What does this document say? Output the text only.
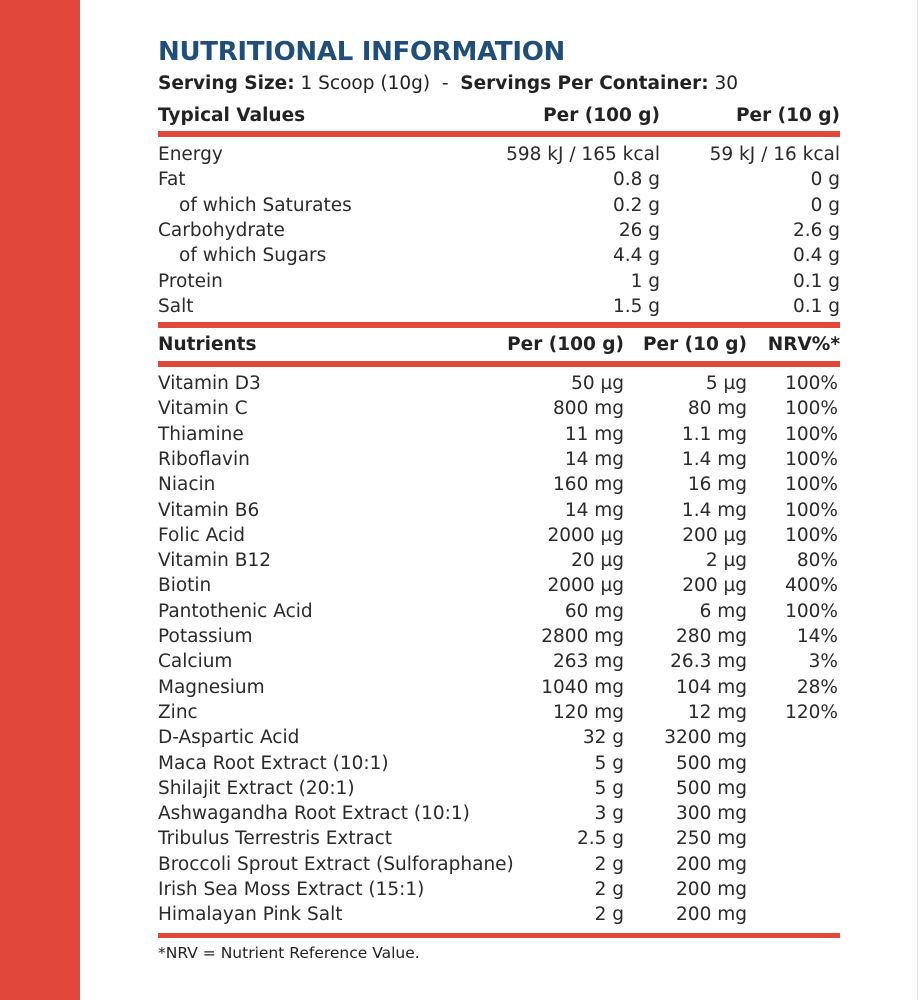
NUTRITIONAL INFORMATION
Serving Size: 1 Scoop (10g) - Servings Per Container: 30
Typical Values	Per (100 g)	Per (10 g)
Energy	598 kJ / 165 kcal	59 kJ / 16 kcal
Fat	0.8 g	0 g
of which Saturates	0.2 g	0 g
Carbohydrate	26 g	2.6 g
of which Sugars	4.4 g	0.4 g
Protein	1 g	0.1 g
Salt	1.5 g	0.1 g
Nutrients	Per (100 g) Per (10 g) NRV%*
Vitamin D3	50 µg	5 µg 100%
Vitamin C	800 mg	80 mg 100%
Thiamine	11 mg	1.1 mg 100%
Riboflavin	14 mg	1.4 mg 100%
Niacin	160 mg	16 mg 100%
Vitamin B6	14 mg	1.4 mg 100%
Folic Acid	2000 µg	200 µg 100%
Vitamin B12	20 µg	2 µg	80%
Biotin	2000 µg	200 µg 400%
Pantothenic Acid	60 mg	6 mg 100%
Potassium	2800 mg	280 mg	14%
Calcium	263 mg 26.3 mg	3%
Magnesium	1040 mg	104 mg	28%
Zinc	120 mg	12 mg 120%
D-Aspartic Acid	32 g 3200 mg
Maca Root Extract (10:1)	5 g	500 mg
Shilajit Extract (20:1)	5 g	500 mg
Ashwagandha Root Extract (10:1)	3 g	300 mg
Tribulus Terrestris Extract	2.5 g	250 mg
Broccoli Sprout Extract (Sulforaphane)	2 g	200 mg
Irish Sea Moss Extract (15:1)	2 g	200 mg
Himalayan Pink Salt	2 g	200 mg
*NRV = Nutrient Reference Value.
